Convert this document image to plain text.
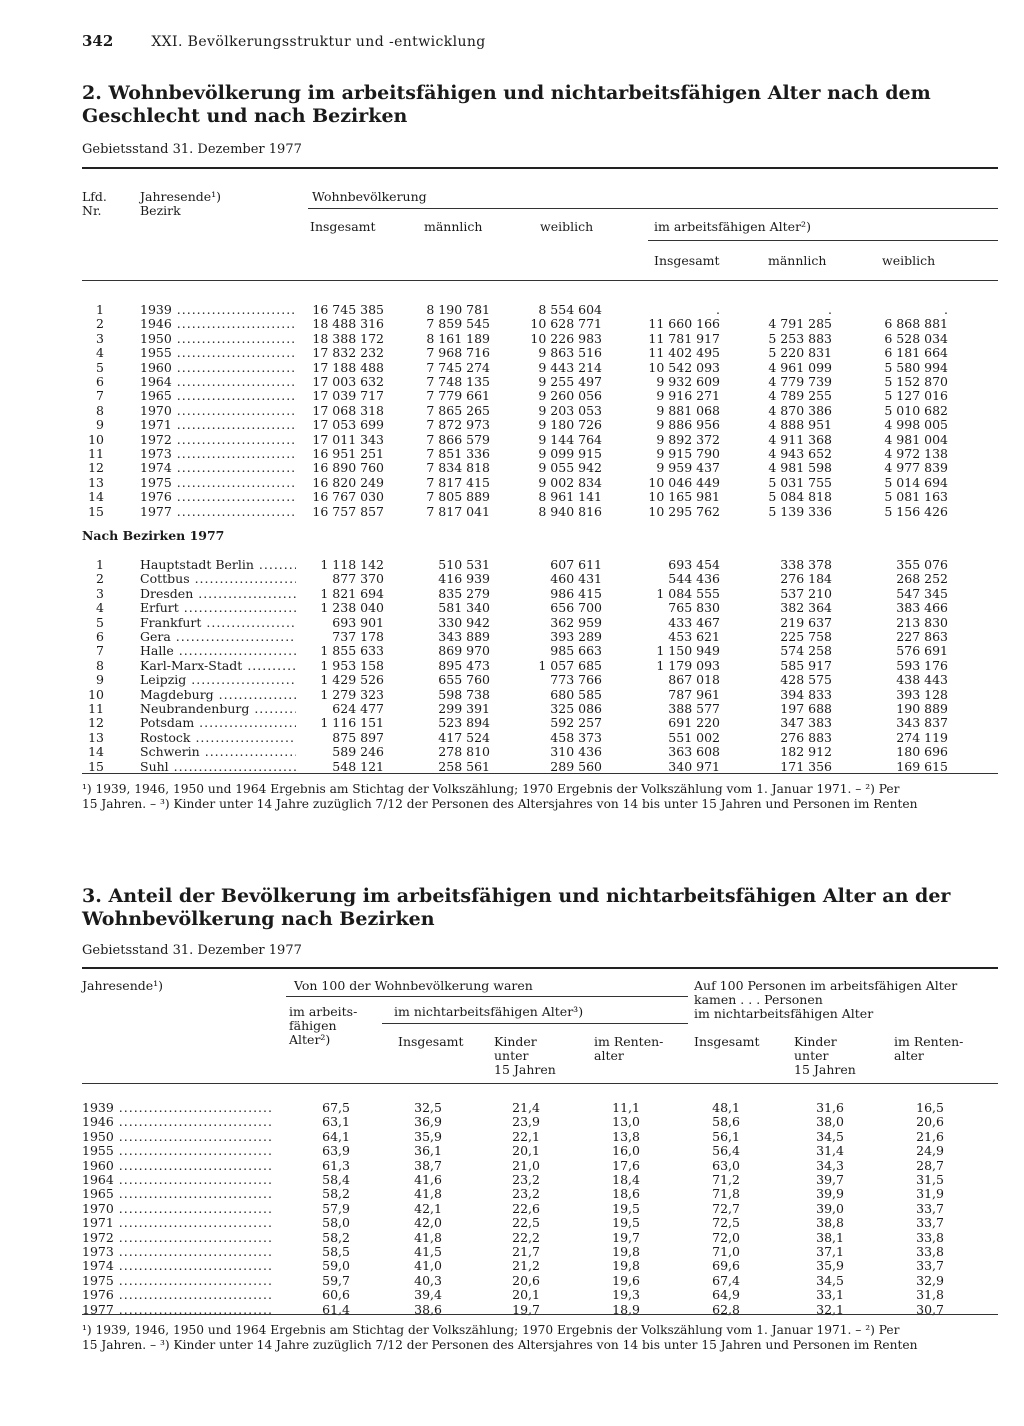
342	XXI. Bevölkerungsstruktur und -entwicklung
2. Wohnbevölkerung im arbeitsfähigen und nichtarbeitsfähigen Alter nach dem Geschlecht und nach Bezirken
Gebietsstand 31. Dezember 1977
Lfd.
Nr.
Jahresende¹)
Bezirk
Wohnbevölkerung
Insgesamt	männlich	weiblich	im arbeitsfähigen Alter²)
Insgesamt	männlich	weiblich
1	1939 .....	16 745 385	8 190 781	8 554 604	.	.	.
2	1946 .....	18 488 316	7 859 545	10 628 771	11 660 166	4 791 285	6 868 881
3	1950 .....	18 388 172	8 161 189	10 226 983	11 781 917	5 253 883	6 528 034
4	1955 .....	17 832 232	7 968 716	9 863 516	11 402 495	5 220 831	6 181 664
5	1960 .....	17 188 488	7 745 274	9 443 214	10 542 093	4 961 099	5 580 994
6	1964 .....	17 003 632	7 748 135	9 255 497	9 932 609	4 779 739	5 152 870
7	1965 .....	17 039 717	7 779 661	9 260 056	9 916 271	4 789 255	5 127 016
8	1970 .....	17 068 318	7 865 265	9 203 053	9 881 068	4 870 386	5 010 682
9	1971 .....	17 053 699	7 872 973	9 180 726	9 886 956	4 888 951	4 998 005
10	1972 .....	17 011 343	7 866 579	9 144 764	9 892 372	4 911 368	4 981 004
11	1973 .....	16 951 251	7 851 336	9 099 915	9 915 790	4 943 652	4 972 138
12	1974 .....	16 890 760	7 834 818	9 055 942	9 959 437	4 981 598	4 977 839
13	1975 .....	16 820 249	7 817 415	9 002 834	10 046 449	5 031 755	5 014 694
14	1976 .....	16 767 030	7 805 889	8 961 141	10 165 981	5 084 818	5 081 163
15	1977 .....	16 757 857	7 817 041	8 940 816	10 295 762	5 139 336	5 156 426
Nach Bezirken 1977
1	Hauptstadt Berlin .....	1 118 142	510 531	607 611	693 454	338 378	355 076
2	Cottbus .....	877 370	416 939	460 431	544 436	276 184	268 252
3	Dresden .....	1 821 694	835 279	986 415	1 084 555	537 210	547 345
4	Erfurt .....	1 238 040	581 340	656 700	765 830	382 364	383 466
5	Frankfurt .....	693 901	330 942	362 959	433 467	219 637	213 830
6	Gera .....	737 178	343 889	393 289	453 621	225 758	227 863
7	Halle .....	1 855 633	869 970	985 663	1 150 949	574 258	576 691
8	Karl-Marx-Stadt .....	1 953 158	895 473	1 057 685	1 179 093	585 917	593 176
9	Leipzig .....	1 429 526	655 760	773 766	867 018	428 575	438 443
10	Magdeburg .....	1 279 323	598 738	680 585	787 961	394 833	393 128
11	Neubrandenburg .....	624 477	299 391	325 086	388 577	197 688	190 889
12	Potsdam .....	1 116 151	523 894	592 257	691 220	347 383	343 837
13	Rostock .....	875 897	417 524	458 373	551 002	276 883	274 119
14	Schwerin .....	589 246	278 810	310 436	363 608	182 912	180 696
15	Suhl .....	548 121	258 561	289 560	340 971	171 356	169 615
¹) 1939, 1946, 1950 und 1964 Ergebnis am Stichtag der Volkszählung; 1970 Ergebnis der Volkszählung vom 1. Januar 1971. – ²) Per
15 Jahren. – ³) Kinder unter 14 Jahre zuzüglich 7/12 der Personen des Altersjahres von 14 bis unter 15 Jahren und Personen im Renten
3. Anteil der Bevölkerung im arbeitsfähigen und nichtarbeitsfähigen Alter an der Wohnbevölkerung nach Bezirken
Gebietsstand 31. Dezember 1977
Jahresende¹)	Von 100 der Wohnbevölkerung waren	Auf 100 Personen im arbeitsfähigen Alter
kamen . . . Personen
im nichtarbeitsfähigen Alter
im arbeits-
fähigen
Alter²)
im nichtarbeitsfähigen Alter³)
Insgesamt Kinder
unter
15 Jahren
im Renten-
alter
Insgesamt	Kinder
unter
15 Jahren
im Renten-
alter
1939 .....	67,5	32,5	21,4	11,1	48,1	31,6	16,5
1946 .....	63,1	36,9	23,9	13,0	58,6	38,0	20,6
1950 .....	64,1	35,9	22,1	13,8	56,1	34,5	21,6
1955 .....	63,9	36,1	20,1	16,0	56,4	31,4	24,9
1960 .....	61,3	38,7	21,0	17,6	63,0	34,3	28,7
1964 .....	58,4	41,6	23,2	18,4	71,2	39,7	31,5
1965 .....	58,2	41,8	23,2	18,6	71,8	39,9	31,9
1970 .....	57,9	42,1	22,6	19,5	72,7	39,0	33,7
1971 .....	58,0	42,0	22,5	19,5	72,5	38,8	33,7
1972 .....	58,2	41,8	22,2	19,7	72,0	38,1	33,8
1973 .....	58,5	41,5	21,7	19,8	71,0	37,1	33,8
1974 .....	59,0	41,0	21,2	19,8	69,6	35,9	33,7
1975 .....	59,7	40,3	20,6	19,6	67,4	34,5	32,9
1976 .....	60,6	39,4	20,1	19,3	64,9	33,1	31,8
1977 .....	61,4	38,6	19,7	18,9	62,8	32,1	30,7
¹) 1939, 1946, 1950 und 1964 Ergebnis am Stichtag der Volkszählung; 1970 Ergebnis der Volkszählung vom 1. Januar 1971. – ²) Per
15 Jahren. – ³) Kinder unter 14 Jahre zuzüglich 7/12 der Personen des Altersjahres von 14 bis unter 15 Jahren und Personen im Renten
